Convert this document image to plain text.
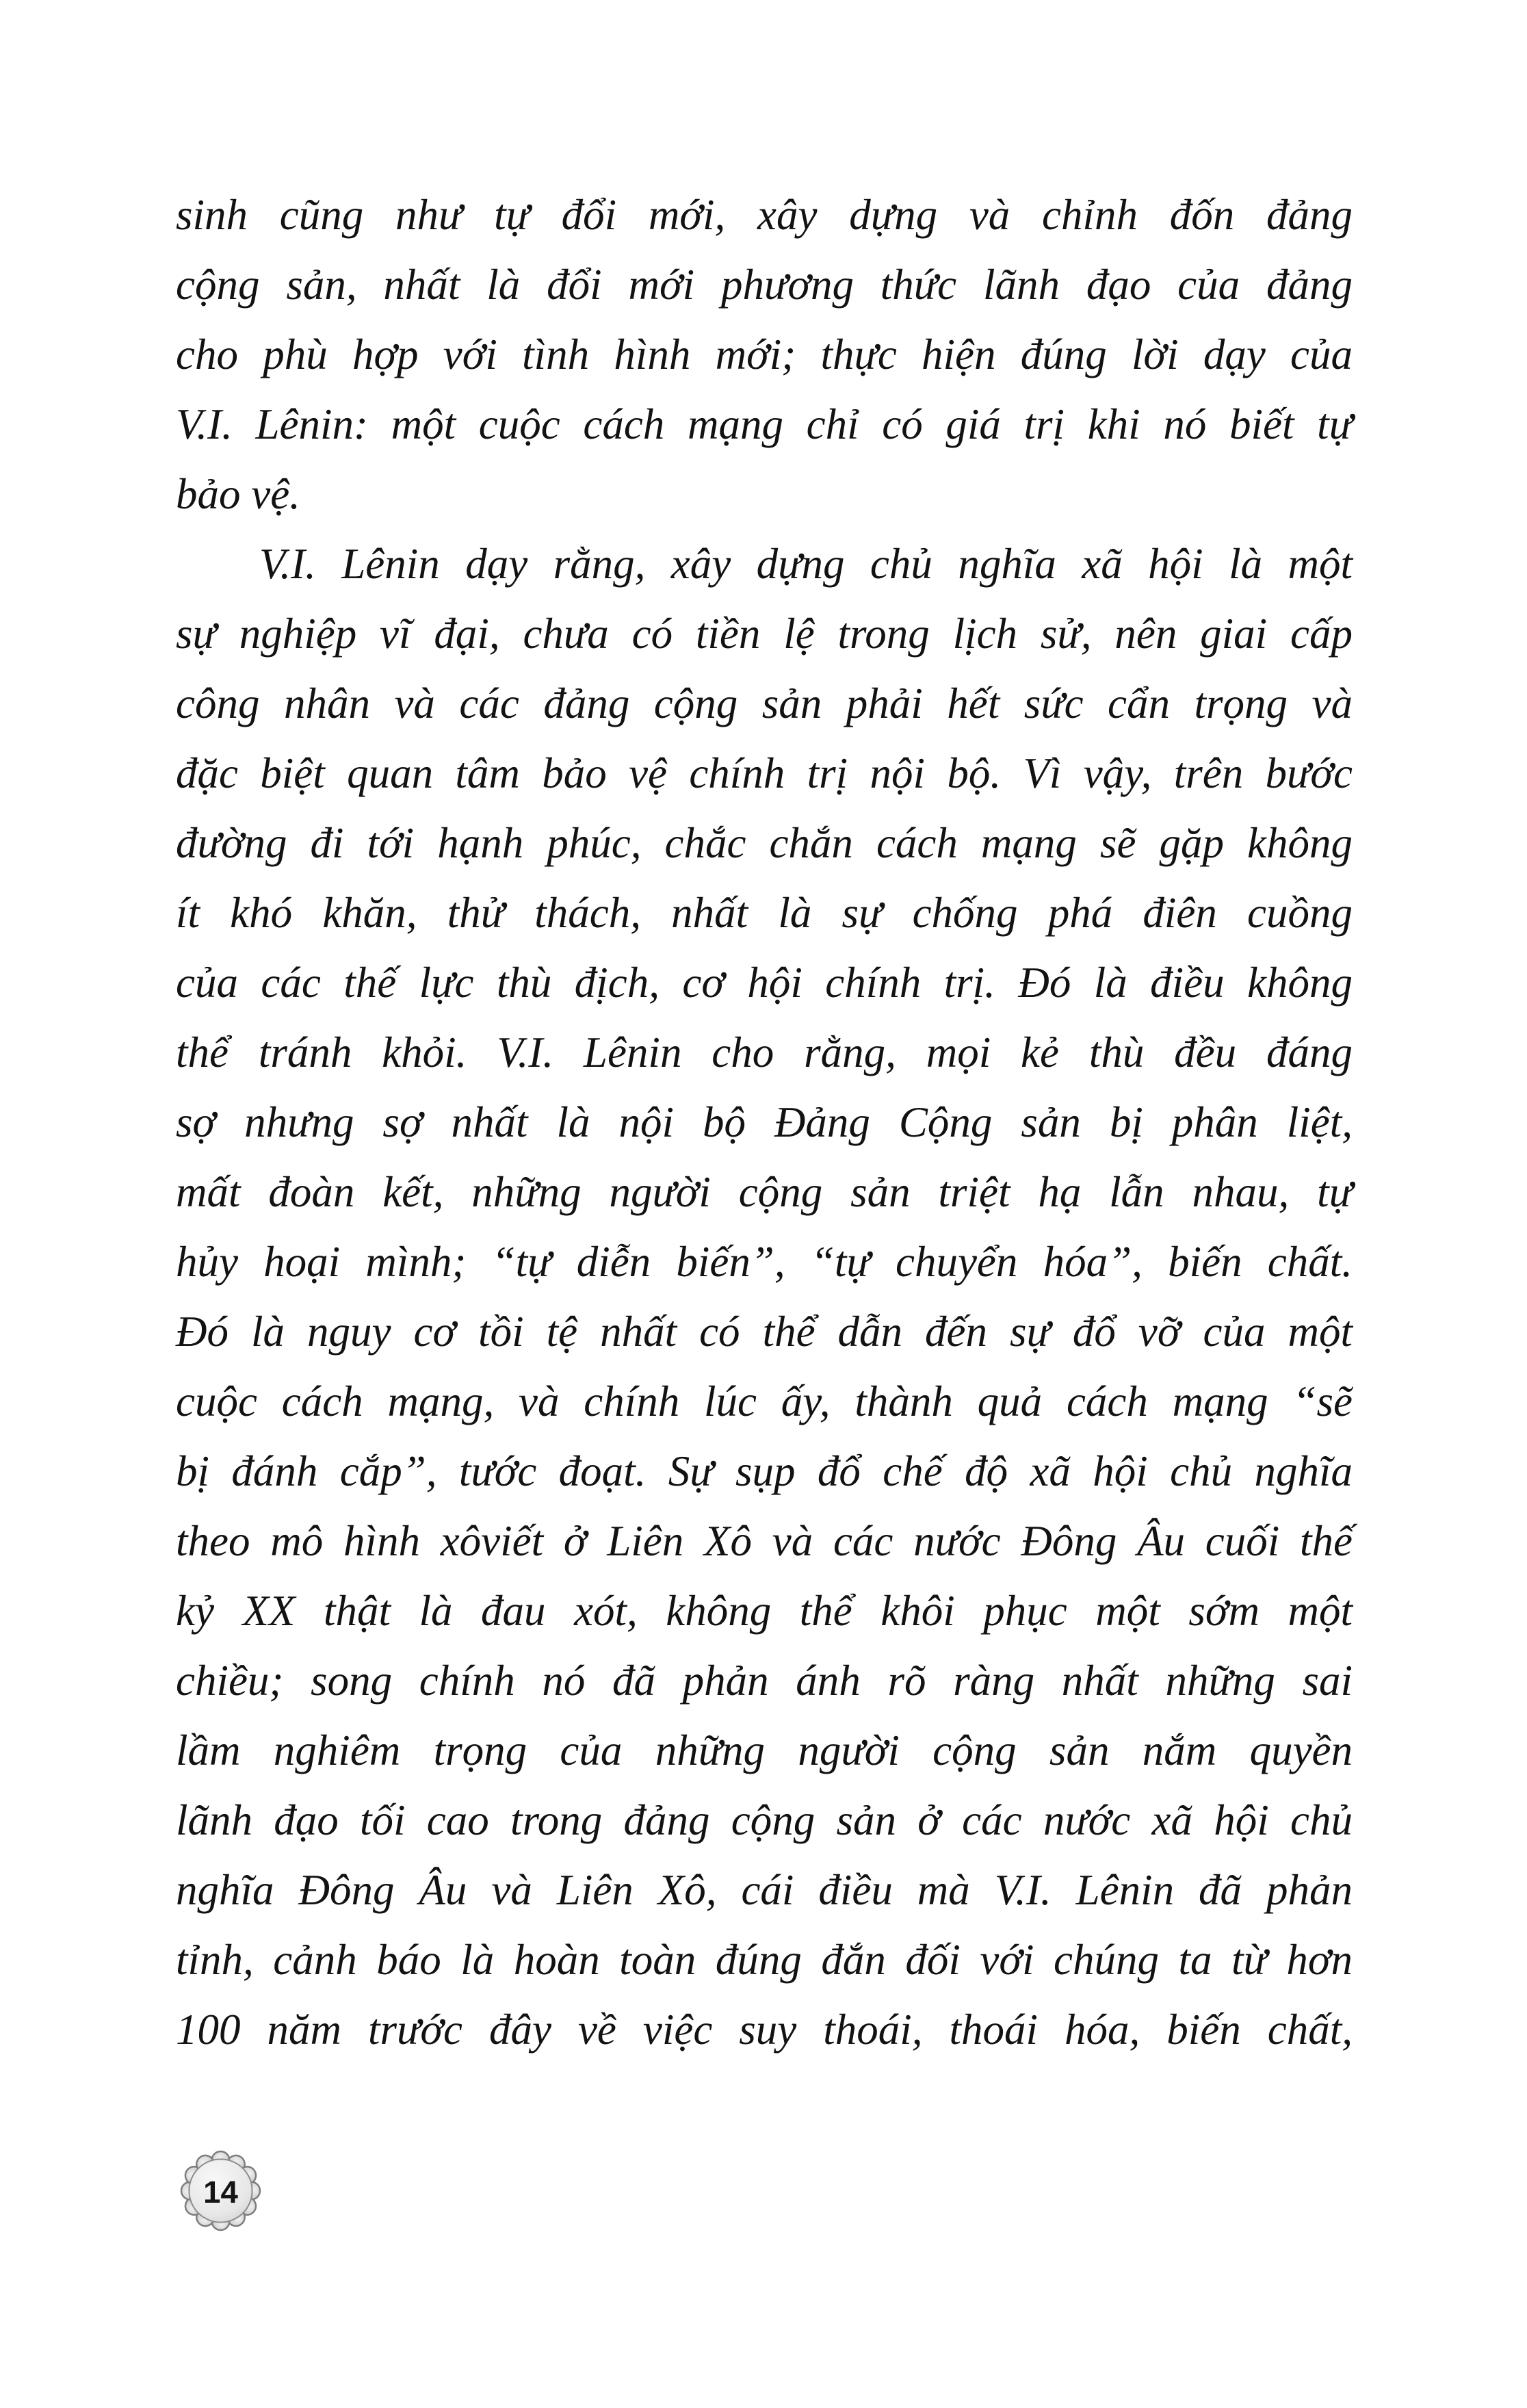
sinh cũng như tự đổi mới, xây dựng và chỉnh đốn đảng
cộng sản, nhất là đổi mới phương thức lãnh đạo của đảng
cho phù hợp với tình hình mới; thực hiện đúng lời dạy của
V.I. Lênin: một cuộc cách mạng chỉ có giá trị khi nó biết tự
bảo vệ.
V.I. Lênin dạy rằng, xây dựng chủ nghĩa xã hội là một
sự nghiệp vĩ đại, chưa có tiền lệ trong lịch sử, nên giai cấp
công nhân và các đảng cộng sản phải hết sức cẩn trọng và
đặc biệt quan tâm bảo vệ chính trị nội bộ. Vì vậy, trên bước
đường đi tới hạnh phúc, chắc chắn cách mạng sẽ gặp không
ít khó khăn, thử thách, nhất là sự chống phá điên cuồng
của các thế lực thù địch, cơ hội chính trị. Đó là điều không
thể tránh khỏi. V.I. Lênin cho rằng, mọi kẻ thù đều đáng
sợ nhưng sợ nhất là nội bộ Đảng Cộng sản bị phân liệt,
mất đoàn kết, những người cộng sản triệt hạ lẫn nhau, tự
hủy hoại mình; “tự diễn biến”, “tự chuyển hóa”, biến chất.
Đó là nguy cơ tồi tệ nhất có thể dẫn đến sự đổ vỡ của một
cuộc cách mạng, và chính lúc ấy, thành quả cách mạng “sẽ
bị đánh cắp”, tước đoạt. Sự sụp đổ chế độ xã hội chủ nghĩa
theo mô hình xôviết ở Liên Xô và các nước Đông Âu cuối thế
kỷ XX thật là đau xót, không thể khôi phục một sớm một
chiều; song chính nó đã phản ánh rõ ràng nhất những sai
lầm nghiêm trọng của những người cộng sản nắm quyền
lãnh đạo tối cao trong đảng cộng sản ở các nước xã hội chủ
nghĩa Đông Âu và Liên Xô, cái điều mà V.I. Lênin đã phản
tỉnh, cảnh báo là hoàn toàn đúng đắn đối với chúng ta từ hơn
100 năm trước đây về việc suy thoái, thoái hóa, biến chất,
14
